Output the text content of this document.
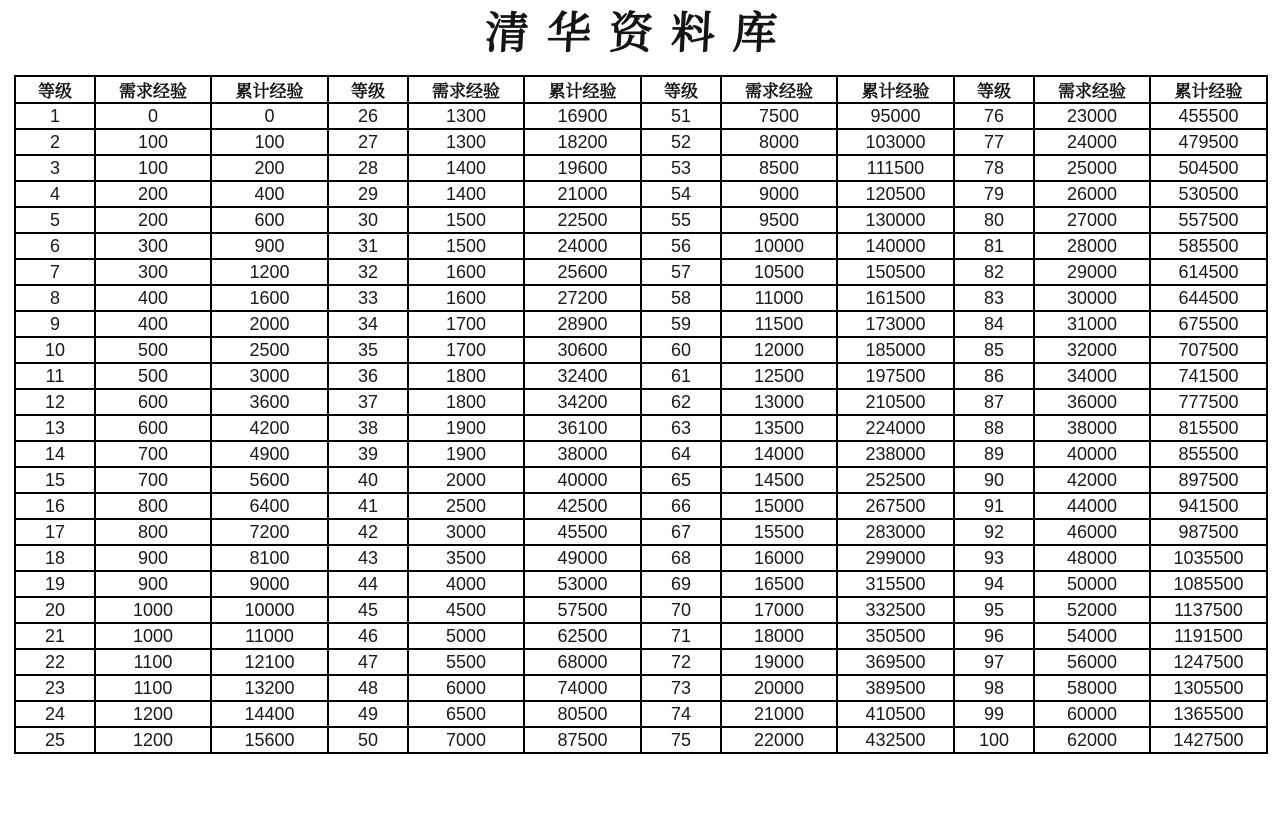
清华资料库
等级	需求经验	累计经验	等级	需求经验	累计经验	等级	需求经验	累计经验	等级	需求经验	累计经验
1	0	0	26	1300	16900	51	7500	95000	76	23000	455500
2	100	100	27	1300	18200	52	8000	103000	77	24000	479500
3	100	200	28	1400	19600	53	8500	111500	78	25000	504500
4	200	400	29	1400	21000	54	9000	120500	79	26000	530500
5	200	600	30	1500	22500	55	9500	130000	80	27000	557500
6	300	900	31	1500	24000	56	10000	140000	81	28000	585500
7	300	1200	32	1600	25600	57	10500	150500	82	29000	614500
8	400	1600	33	1600	27200	58	11000	161500	83	30000	644500
9	400	2000	34	1700	28900	59	11500	173000	84	31000	675500
10	500	2500	35	1700	30600	60	12000	185000	85	32000	707500
11	500	3000	36	1800	32400	61	12500	197500	86	34000	741500
12	600	3600	37	1800	34200	62	13000	210500	87	36000	777500
13	600	4200	38	1900	36100	63	13500	224000	88	38000	815500
14	700	4900	39	1900	38000	64	14000	238000	89	40000	855500
15	700	5600	40	2000	40000	65	14500	252500	90	42000	897500
16	800	6400	41	2500	42500	66	15000	267500	91	44000	941500
17	800	7200	42	3000	45500	67	15500	283000	92	46000	987500
18	900	8100	43	3500	49000	68	16000	299000	93	48000	1035500
19	900	9000	44	4000	53000	69	16500	315500	94	50000	1085500
20	1000	10000	45	4500	57500	70	17000	332500	95	52000	1137500
21	1000	11000	46	5000	62500	71	18000	350500	96	54000	1191500
22	1100	12100	47	5500	68000	72	19000	369500	97	56000	1247500
23	1100	13200	48	6000	74000	73	20000	389500	98	58000	1305500
24	1200	14400	49	6500	80500	74	21000	410500	99	60000	1365500
25	1200	15600	50	7000	87500	75	22000	432500	100	62000	1427500
